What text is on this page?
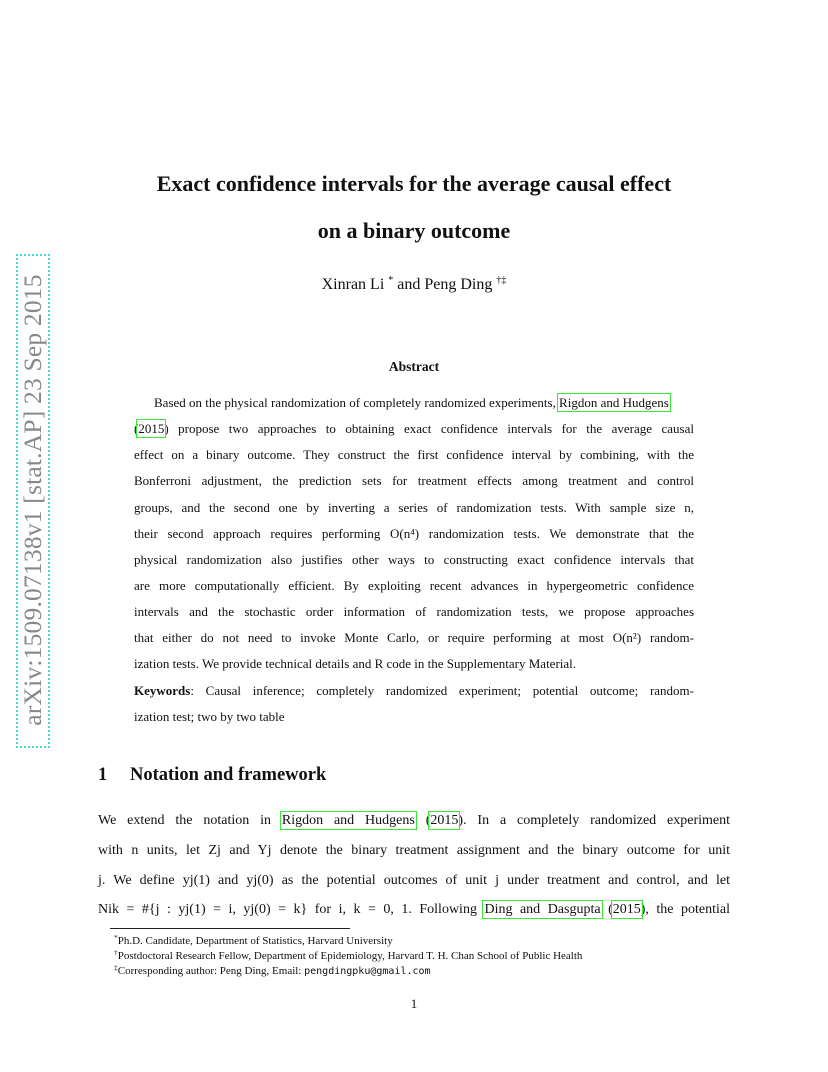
arXiv:1509.07138v1 [stat.AP] 23 Sep 2015
Exact confidence intervals for the average causal effect
on a binary outcome
Xinran Li * and Peng Ding †‡
Abstract
Based on the physical randomization of completely randomized experiments, Rigdon and Hudgens
(2015) propose two approaches to obtaining exact confidence intervals for the average causal
effect on a binary outcome. They construct the first confidence interval by combining, with the
Bonferroni adjustment, the prediction sets for treatment effects among treatment and control
groups, and the second one by inverting a series of randomization tests. With sample size n,
their second approach requires performing O(n⁴) randomization tests. We demonstrate that the
physical randomization also justifies other ways to constructing exact confidence intervals that
are more computationally efficient. By exploiting recent advances in hypergeometric confidence
intervals and the stochastic order information of randomization tests, we propose approaches
that either do not need to invoke Monte Carlo, or require performing at most O(n²) random-
ization tests. We provide technical details and R code in the Supplementary Material.
Keywords: Causal inference; completely randomized experiment; potential outcome; random-
ization test; two by two table
1 Notation and framework
We extend the notation in Rigdon and Hudgens (2015). In a completely randomized experiment
with n units, let Zj and Yj denote the binary treatment assignment and the binary outcome for unit
j. We define yj(1) and yj(0) as the potential outcomes of unit j under treatment and control, and let
Nik = #{j : yj(1) = i, yj(0) = k} for i, k = 0, 1. Following Ding and Dasgupta (2015), the potential
*Ph.D. Candidate, Department of Statistics, Harvard University
†Postdoctoral Research Fellow, Department of Epidemiology, Harvard T. H. Chan School of Public Health
‡Corresponding author: Peng Ding, Email: pengdingpku@gmail.com
1
